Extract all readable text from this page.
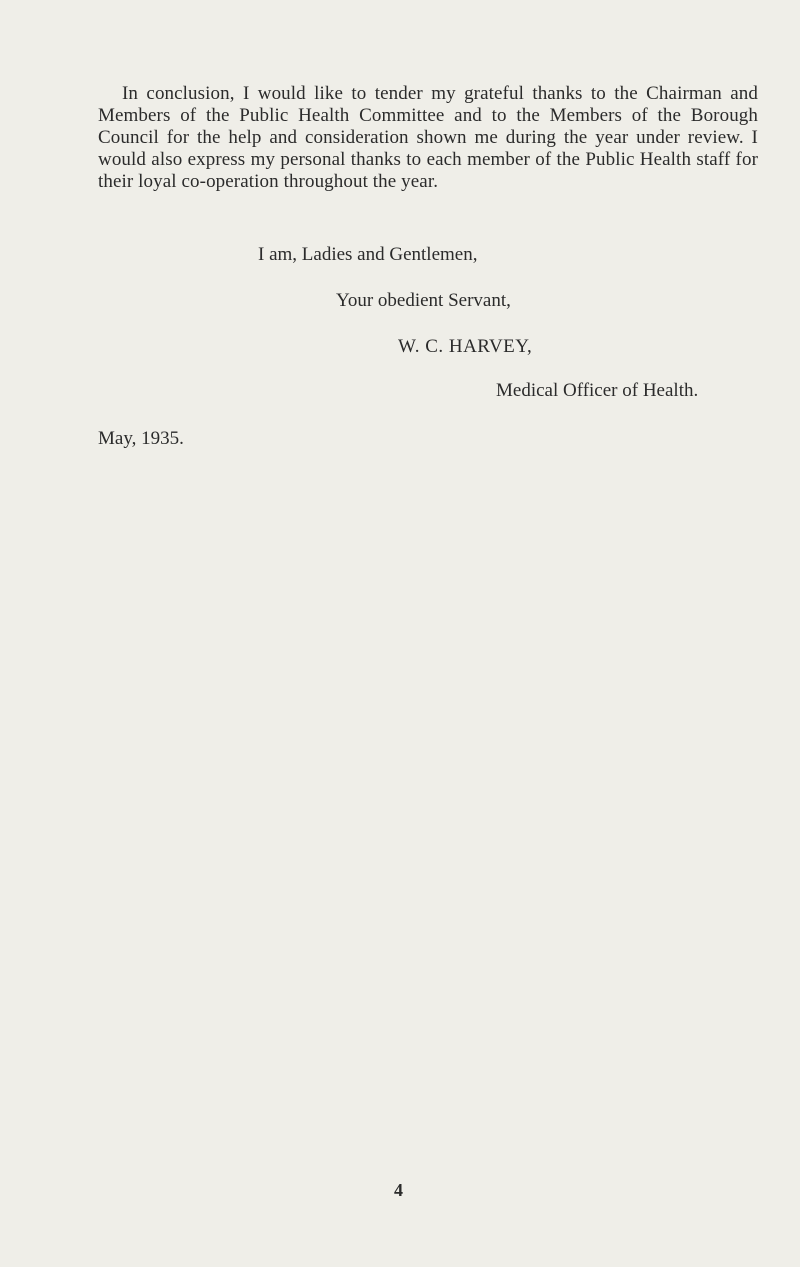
In conclusion, I would like to tender my grateful thanks to the Chairman and Members of the Public Health Committee and to the Members of the Borough Council for the help and consideration shown me during the year under review. I would also express my personal thanks to each member of the Public Health staff for their loyal co-operation throughout the year.

I am, Ladies and Gentlemen,
Your obedient Servant,
W. C. HARVEY,
Medical Officer of Health.
May, 1935.
4
